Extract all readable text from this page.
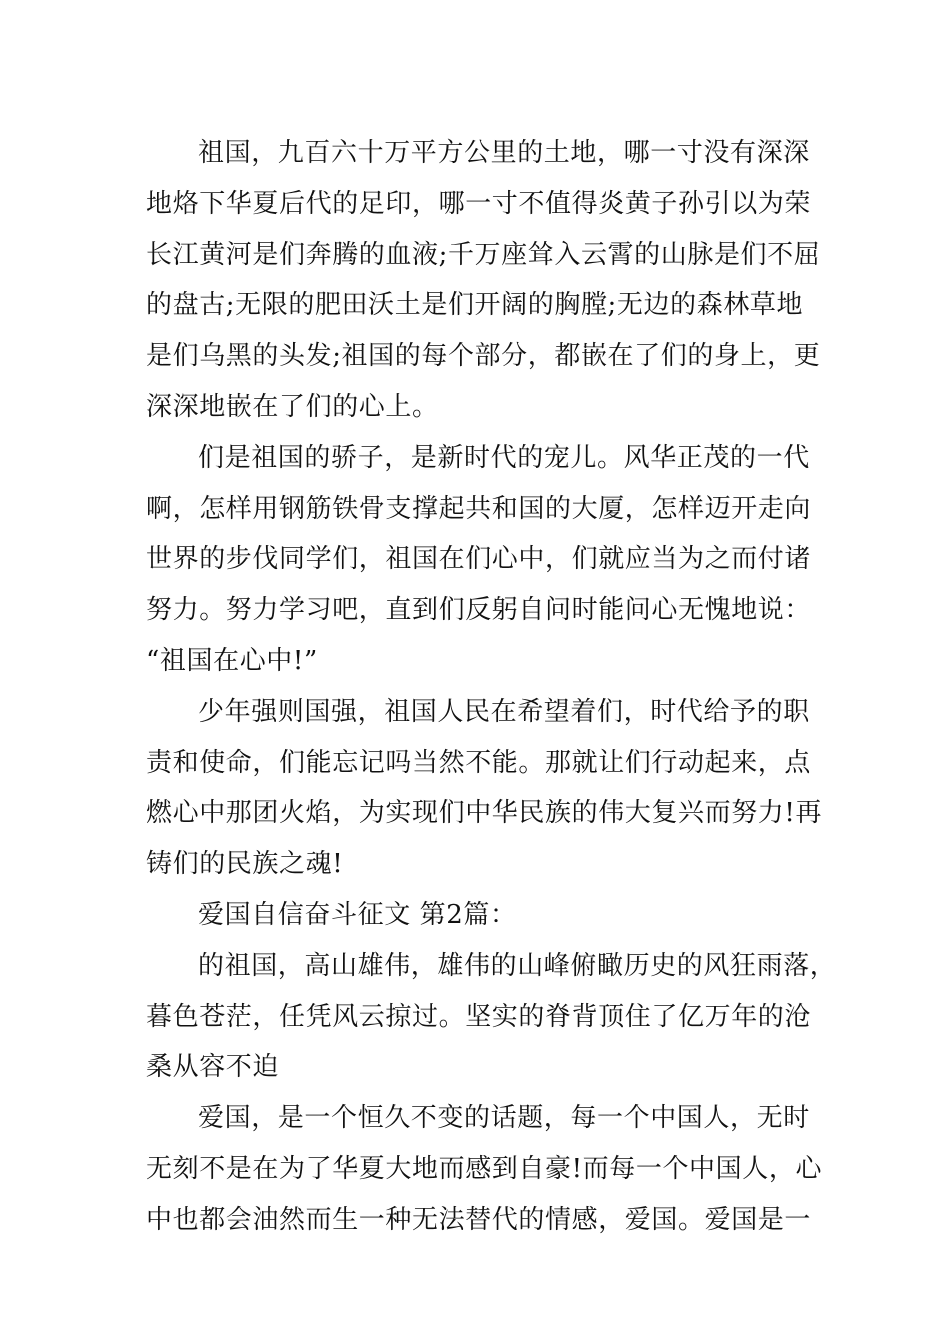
祖国，九百六十万平方公里的土地，哪一寸没有深深
地烙下华夏后代的足印，哪一寸不值得炎黄子孙引以为荣
长江黄河是们奔腾的血液;千万座耸入云霄的山脉是们不屈
的盘古;无限的肥田沃土是们开阔的胸膛;无边的森林草地
是们乌黑的头发;祖国的每个部分，都嵌在了们的身上，更
深深地嵌在了们的心上。
们是祖国的骄子，是新时代的宠儿。风华正茂的一代
啊，怎样用钢筋铁骨支撑起共和国的大厦，怎样迈开走向
世界的步伐同学们，祖国在们心中，们就应当为之而付诸
努力。努力学习吧，直到们反躬自问时能问心无愧地说：
“祖国在心中!”
少年强则国强，祖国人民在希望着们，时代给予的职
责和使命，们能忘记吗当然不能。那就让们行动起来，点
燃心中那团火焰，为实现们中华民族的伟大复兴而努力!再
铸们的民族之魂!
爱国自信奋斗征文 第2篇：
的祖国，高山雄伟，雄伟的山峰俯瞰历史的风狂雨落，
暮色苍茫，任凭风云掠过。坚实的脊背顶住了亿万年的沧
桑从容不迫
爱国，是一个恒久不变的话题，每一个中国人，无时
无刻不是在为了华夏大地而感到自豪!而每一个中国人，心
中也都会油然而生一种无法替代的情感，爱国。爱国是一
